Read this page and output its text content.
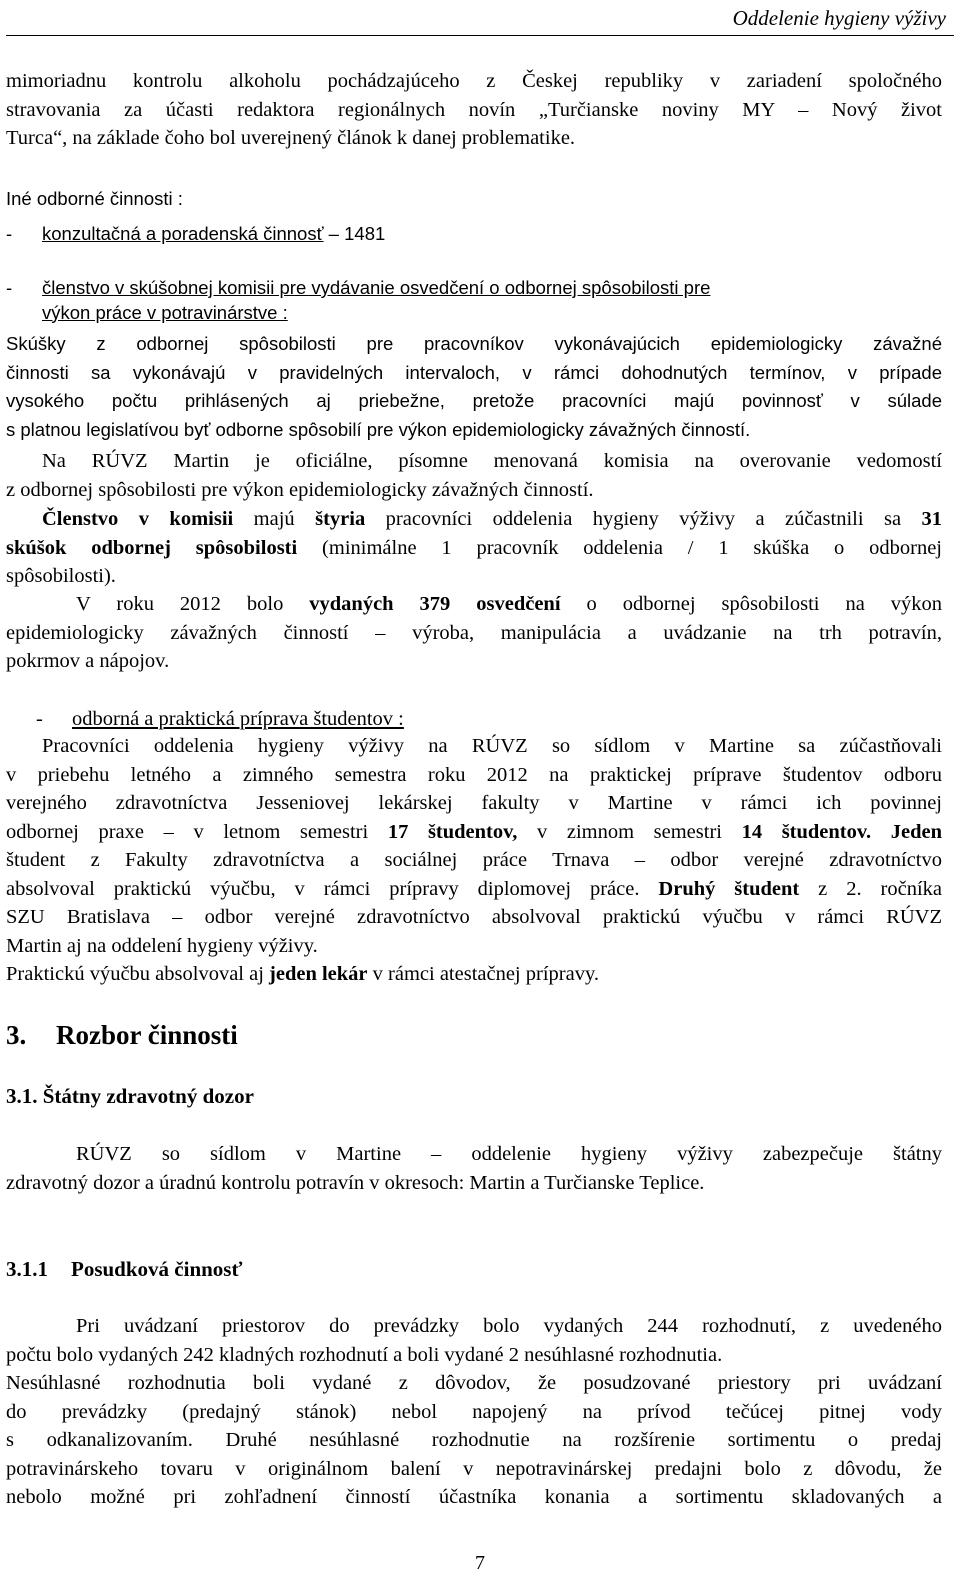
Oddelenie hygieny výživy
mimoriadnu kontrolu alkoholu pochádzajúceho z Českej republiky v zariadení spoločného
stravovania za účasti redaktora regionálnych novín „Turčianske noviny MY – Nový život
Turca“, na základe čoho bol uverejnený článok k danej problematike.
Iné odborné činnosti :
- konzultačná a poradenská činnosť – 1481
- členstvo v skúšobnej komisii pre vydávanie osvedčení o odbornej spôsobilosti pre
výkon práce v potravinárstve :
Skúšky z odbornej spôsobilosti pre pracovníkov vykonávajúcich epidemiologicky závažné
činnosti sa vykonávajú v pravidelných intervaloch, v rámci dohodnutých termínov, v prípade
vysokého počtu prihlásených aj priebežne, pretože pracovníci majú povinnosť v súlade
s platnou legislatívou byť odborne spôsobilí pre výkon epidemiologicky závažných činností.
Na RÚVZ Martin je oficiálne, písomne menovaná komisia na overovanie vedomostí
z odbornej spôsobilosti pre výkon epidemiologicky závažných činností.
Členstvo v komisii majú štyria pracovníci oddelenia hygieny výživy a zúčastnili sa 31
skúšok odbornej spôsobilosti (minimálne 1 pracovník oddelenia / 1 skúška o odbornej
spôsobilosti).
V roku 2012 bolo vydaných 379 osvedčení o odbornej spôsobilosti na výkon
epidemiologicky závažných činností – výroba, manipulácia a uvádzanie na trh potravín,
pokrmov a nápojov.
- odborná a praktická príprava študentov :
Pracovníci oddelenia hygieny výživy na RÚVZ so sídlom v Martine sa zúčastňovali
v priebehu letného a zimného semestra roku 2012 na praktickej príprave študentov odboru
verejného zdravotníctva Jesseniovej lekárskej fakulty v Martine v rámci ich povinnej
odbornej praxe – v letnom semestri 17 študentov, v zimnom semestri 14 študentov. Jeden
študent z Fakulty zdravotníctva a sociálnej práce Trnava – odbor verejné zdravotníctvo
absolvoval praktickú výučbu, v rámci prípravy diplomovej práce. Druhý študent z 2. ročníka
SZU Bratislava – odbor verejné zdravotníctvo absolvoval praktickú výučbu v rámci RÚVZ
Martin aj na oddelení hygieny výživy.
Praktickú výučbu absolvoval aj jeden lekár v rámci atestačnej prípravy.
3. Rozbor činnosti
3.1. Štátny zdravotný dozor
RÚVZ so sídlom v Martine – oddelenie hygieny výživy zabezpečuje štátny
zdravotný dozor a úradnú kontrolu potravín v okresoch: Martin a Turčianske Teplice.
3.1.1 Posudková činnosť
Pri uvádzaní priestorov do prevádzky bolo vydaných 244 rozhodnutí, z uvedeného
počtu bolo vydaných 242 kladných rozhodnutí a boli vydané 2 nesúhlasné rozhodnutia.
Nesúhlasné rozhodnutia boli vydané z dôvodov, že posudzované priestory pri uvádzaní
do prevádzky (predajný stánok) nebol napojený na prívod tečúcej pitnej vody
s odkanalizovaním. Druhé nesúhlasné rozhodnutie na rozšírenie sortimentu o predaj
potravinárskeho tovaru v originálnom balení v nepotravinárskej predajni bolo z dôvodu, že
nebolo možné pri zohľadnení činností účastníka konania a sortimentu skladovaných a
7
